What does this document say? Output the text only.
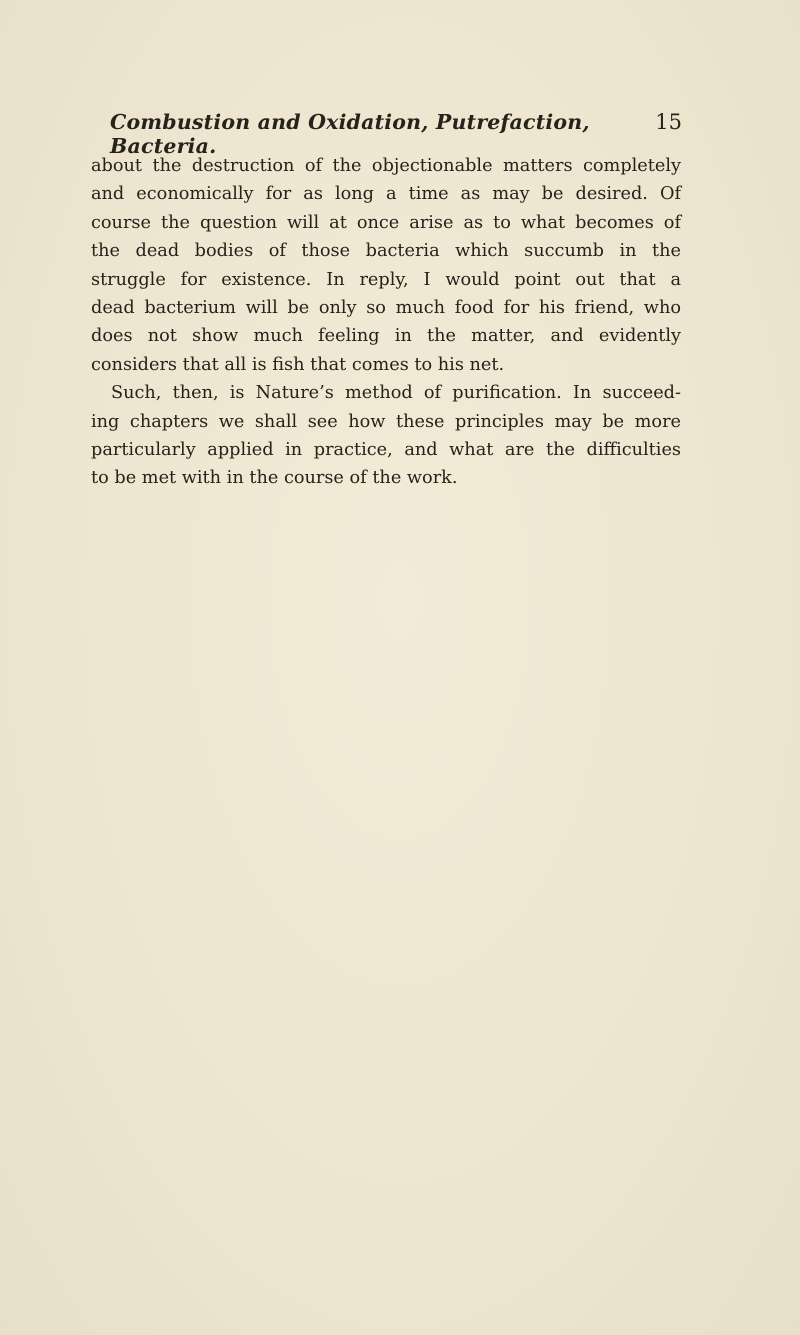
Combustion and Oxidation, Putrefaction, Bacteria.
15
about the destruction of the objectionable matters completely
and economically for as long a time as may be desired. Of
course the question will at once arise as to what becomes of
the dead bodies of those bacteria which succumb in the
struggle for existence. In reply, I would point out that a
dead bacterium will be only so much food for his friend, who
does not show much feeling in the matter, and evidently
considers that all is fish that comes to his net.
Such, then, is Nature’s method of purification. In succeed-
ing chapters we shall see how these principles may be more
particularly applied in practice, and what are the difficulties
to be met with in the course of the work.
